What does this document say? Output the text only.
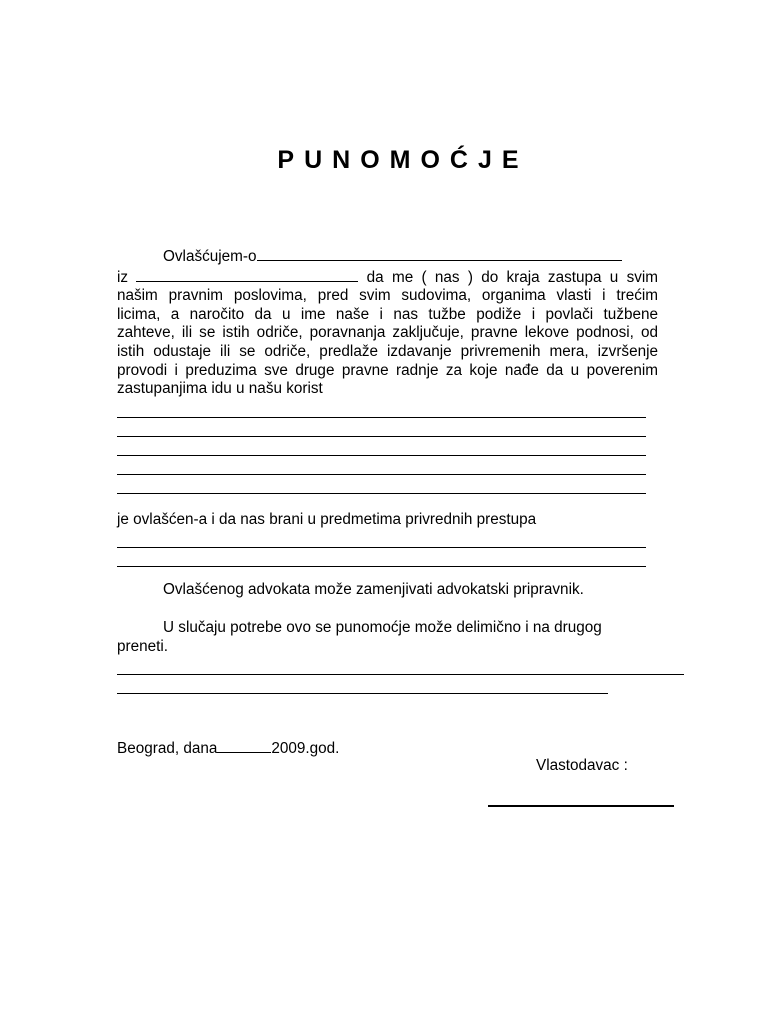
PUNOMOĆJE
Ovlašćujem-o
iz	da me ( nas ) do kraja zastupa u svim
našim pravnim poslovima, pred svim sudovima, organima vlasti i trećim
licima, a naročito da u ime naše i nas tužbe podiže i povlači tužbene
zahteve, ili se istih odriče, poravnanja zaključuje, pravne lekove podnosi, od
istih odustaje ili se odriče, predlaže izdavanje privremenih mera, izvršenje
provodi i preduzima sve druge pravne radnje za koje nađe da u poverenim
zastupanjima idu u našu korist
je ovlašćen-a i da nas brani u predmetima privrednih prestupa
Ovlašćenog advokata može zamenjivati advokatski pripravnik.
U slučaju potrebe ovo se punomoćje može delimično i na drugog
preneti.
Beograd, dana	2009.god.
Vlastodavac :
